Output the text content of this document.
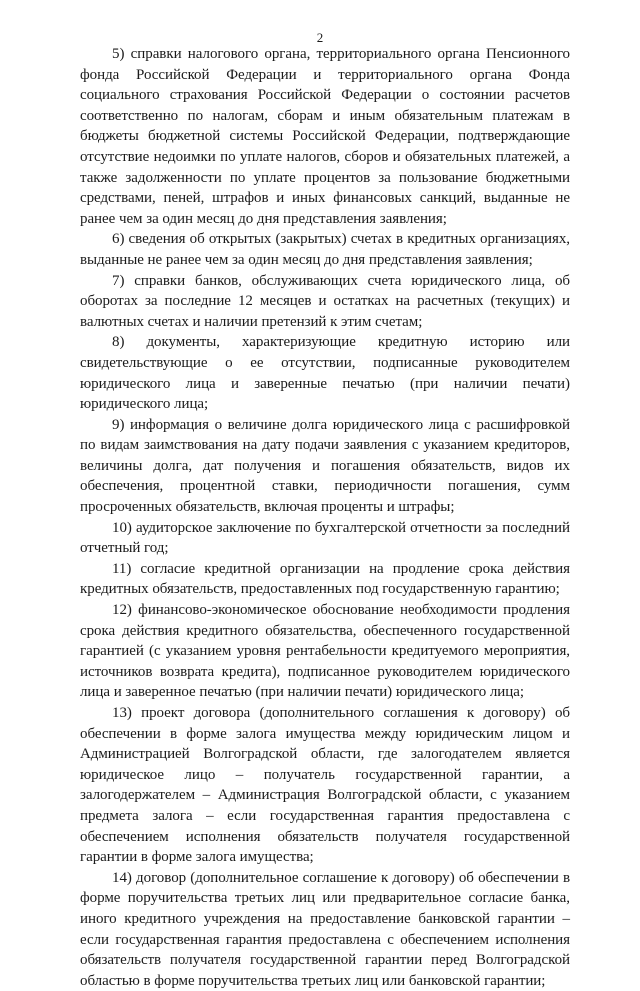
2

5) справки налогового органа, территориального органа Пенсионного фонда Российской Федерации и территориального органа Фонда социального страхования Российской Федерации о состоянии расчетов соответственно по налогам, сборам и иным обязательным платежам в бюджеты бюджетной системы Российской Федерации, подтверждающие отсутствие недоимки по уплате налогов, сборов и обязательных платежей, а также задолженности по уплате процентов за пользование бюджетными средствами, пеней, штрафов и иных финансовых санкций, выданные не ранее чем за один месяц до дня представления заявления;

6) сведения об открытых (закрытых) счетах в кредитных организациях, выданные не ранее чем за один месяц до дня представления заявления;

7) справки банков, обслуживающих счета юридического лица, об оборотах за последние 12 месяцев и остатках на расчетных (текущих) и валютных счетах и наличии претензий к этим счетам;

8) документы, характеризующие кредитную историю или свидетельствующие о ее отсутствии, подписанные руководителем юридического лица и заверенные печатью (при наличии печати) юридического лица;

9) информация о величине долга юридического лица с расшифровкой по видам заимствования на дату подачи заявления с указанием кредиторов, величины долга, дат получения и погашения обязательств, видов их обеспечения, процентной ставки, периодичности погашения, сумм просроченных обязательств, включая проценты и штрафы;

10) аудиторское заключение по бухгалтерской отчетности за последний отчетный год;

11) согласие кредитной организации на продление срока действия кредитных обязательств, предоставленных под государственную гарантию;

12) финансово-экономическое обоснование необходимости продления срока действия кредитного обязательства, обеспеченного государственной гарантией (с указанием уровня рентабельности кредитуемого мероприятия, источников возврата кредита), подписанное руководителем юридического лица и заверенное печатью (при наличии печати) юридического лица;

13) проект договора (дополнительного соглашения к договору) об обеспечении в форме залога имущества между юридическим лицом и Администрацией Волгоградской области, где залогодателем является юридическое лицо – получатель государственной гарантии, а залогодержателем – Администрация Волгоградской области, с указанием предмета залога – если государственная гарантия предоставлена с обеспечением исполнения обязательств получателя государственной гарантии в форме залога имущества;

14) договор (дополнительное соглашение к договору) об обеспечении в форме поручительства третьих лиц или предварительное согласие банка, иного кредитного учреждения на предоставление банковской гарантии – если государственная гарантия предоставлена с обеспечением исполнения обязательств получателя государственной гарантии перед Волгоградской областью в форме поручительства третьих лиц или банковской гарантии;
